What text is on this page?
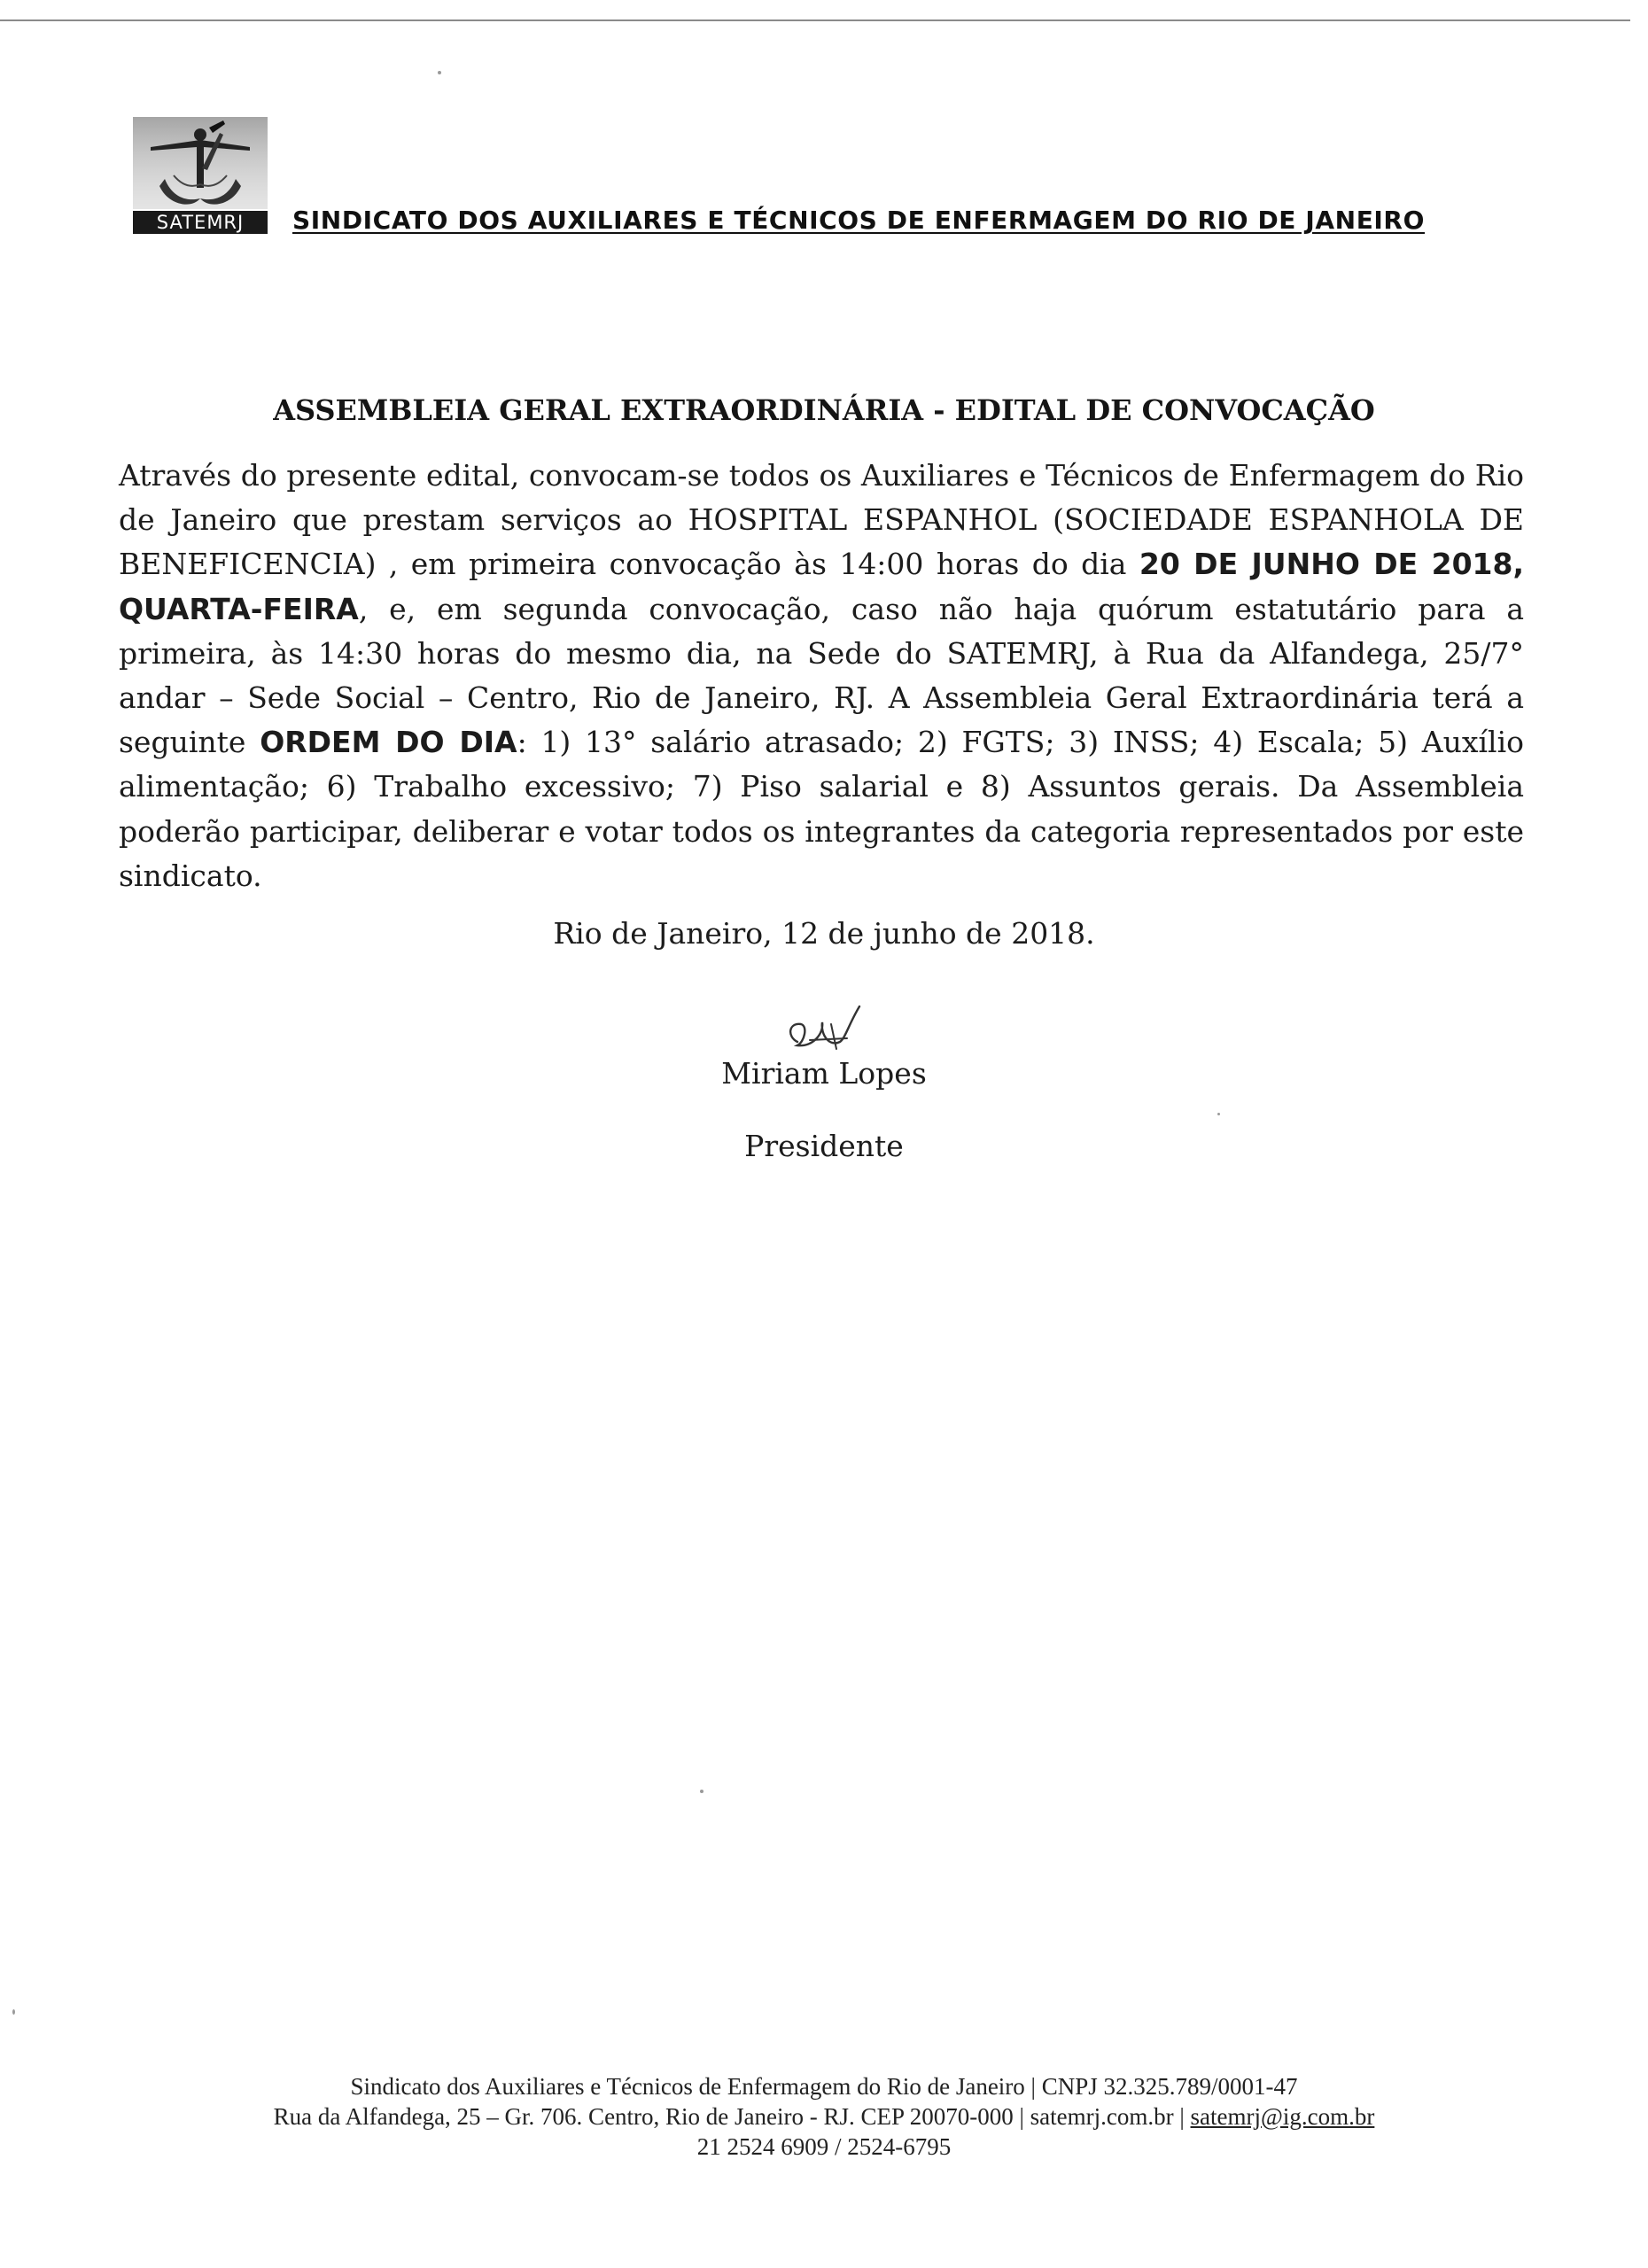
SATEMRJ SINDICATO DOS AUXILIARES E TÉCNICOS DE ENFERMAGEM DO RIO DE JANEIRO
ASSEMBLEIA GERAL EXTRAORDINÁRIA - EDITAL DE CONVOCAÇÃO
Através do presente edital, convocam-se todos os Auxiliares e Técnicos de Enfermagem do Rio de Janeiro que prestam serviços ao HOSPITAL ESPANHOL (SOCIEDADE ESPANHOLA DE BENEFICENCIA) , em primeira convocação às 14:00 horas do dia 20 DE JUNHO DE 2018, QUARTA-FEIRA, e, em segunda convocação, caso não haja quórum estatutário para a primeira, às 14:30 horas do mesmo dia, na Sede do SATEMRJ, à Rua da Alfandega, 25/7° andar – Sede Social – Centro, Rio de Janeiro, RJ. A Assembleia Geral Extraordinária terá a seguinte ORDEM DO DIA: 1) 13° salário atrasado; 2) FGTS; 3) INSS; 4) Escala; 5) Auxílio alimentação; 6) Trabalho excessivo; 7) Piso salarial e 8) Assuntos gerais. Da Assembleia poderão participar, deliberar e votar todos os integrantes da categoria representados por este sindicato.
Rio de Janeiro, 12 de junho de 2018.
Miriam Lopes
Presidente
Sindicato dos Auxiliares e Técnicos de Enfermagem do Rio de Janeiro | CNPJ 32.325.789/0001-47
Rua da Alfandega, 25 – Gr. 706. Centro, Rio de Janeiro - RJ. CEP 20070-000 | satemrj.com.br | satemrj@ig.com.br
21 2524 6909 / 2524-6795
